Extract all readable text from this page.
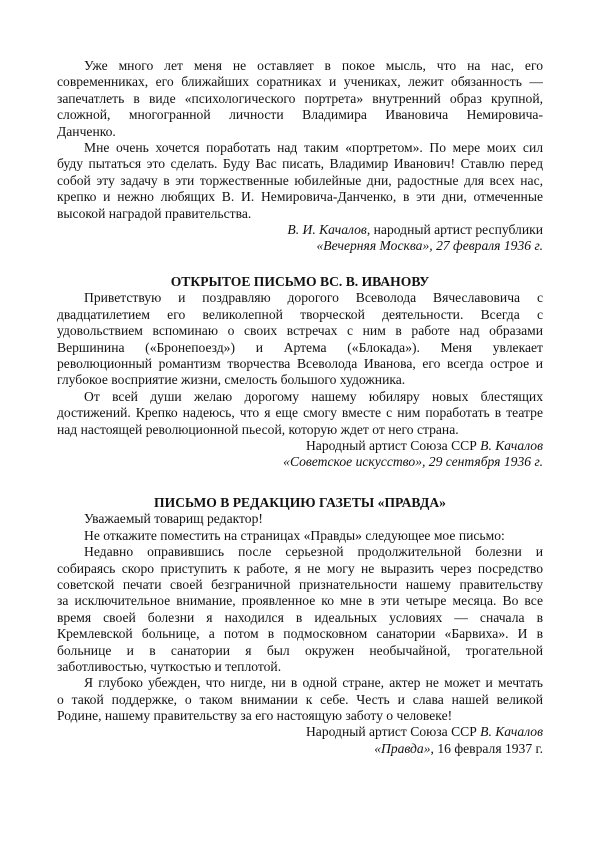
Уже много лет меня не оставляет в покое мысль, что на нас, его
современниках, его ближайших соратниках и учениках, лежит обязанность —
запечатлеть в виде «психологического портрета» внутренний образ крупной,
сложной, многогранной личности Владимира Ивановича Немировича-
Данченко.
Мне очень хочется поработать над таким «портретом». По мере моих сил
буду пытаться это сделать. Буду Вас писать, Владимир Иванович! Ставлю перед
собой эту задачу в эти торжественные юбилейные дни, радостные для всех нас,
крепко и нежно любящих В. И. Немировича-Данченко, в эти дни, отмеченные
высокой наградой правительства.
В. И. Качалов, народный артист республики
«Вечерняя Москва», 27 февраля 1936 г.
ОТКРЫТОЕ ПИСЬМО ВС. В. ИВАНОВУ
Приветствую и поздравляю дорогого Всеволода Вячеславовича с
двадцатилетием его великолепной творческой деятельности. Всегда с
удовольствием вспоминаю о своих встречах с ним в работе над образами
Вершинина («Бронепоезд») и Артема («Блокада»). Меня увлекает
революционный романтизм творчества Всеволода Иванова, его всегда острое и
глубокое восприятие жизни, смелость большого художника.
От всей души желаю дорогому нашему юбиляру новых блестящих
достижений. Крепко надеюсь, что я еще смогу вместе с ним поработать в театре
над настоящей революционной пьесой, которую ждет от него страна.
Народный артист Союза ССР В. Качалов
«Советское искусство», 29 сентября 1936 г.
ПИСЬМО В РЕДАКЦИЮ ГАЗЕТЫ «ПРАВДА»
Уважаемый товарищ редактор!
Не откажите поместить на страницах «Правды» следующее мое письмо:
Недавно оправившись после серьезной продолжительной болезни и
собираясь скоро приступить к работе, я не могу не выразить через посредство
советской печати своей безграничной признательности нашему правительству
за исключительное внимание, проявленное ко мне в эти четыре месяца. Во все
время своей болезни я находился в идеальных условиях — сначала в
Кремлевской больнице, а потом в подмосковном санатории «Барвиха». И в
больнице и в санатории я был окружен необычайной, трогательной
заботливостью, чуткостью и теплотой.
Я глубоко убежден, что нигде, ни в одной стране, актер не может и мечтать
о такой поддержке, о таком внимании к себе. Честь и слава нашей великой
Родине, нашему правительству за его настоящую заботу о человеке!
Народный артист Союза ССР В. Качалов
«Правда», 16 февраля 1937 г.
